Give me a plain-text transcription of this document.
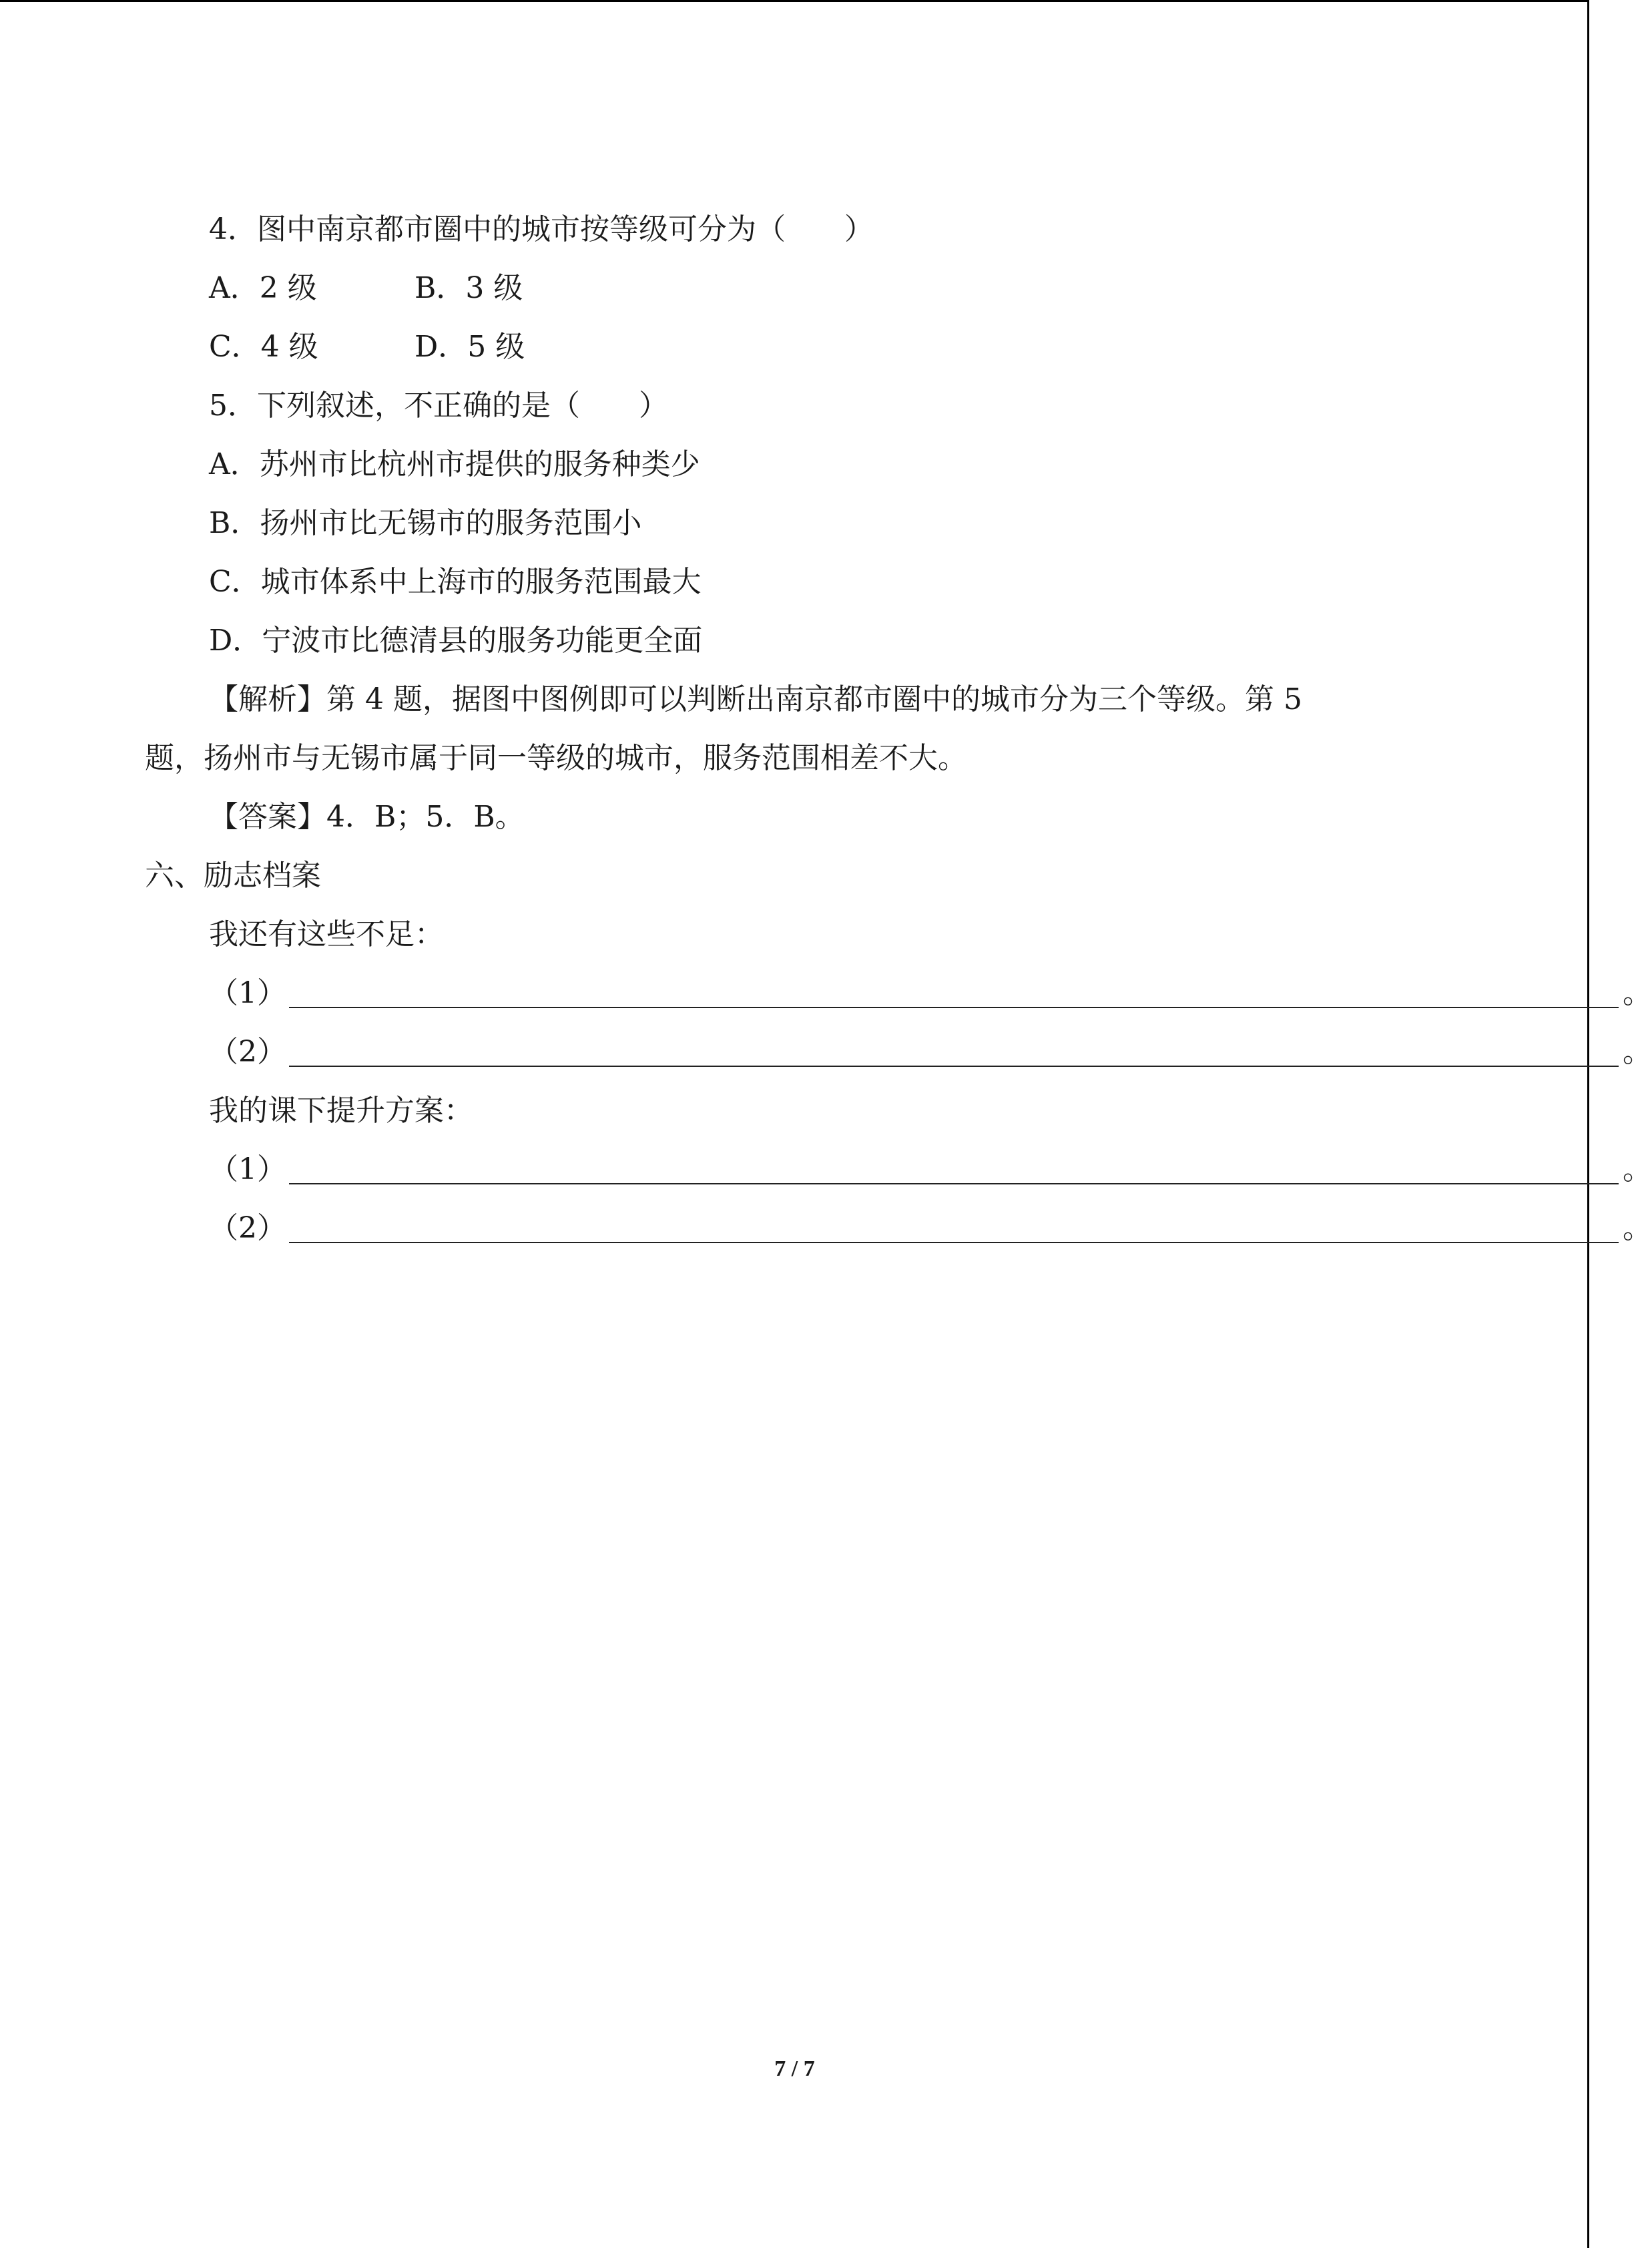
4．图中南京都市圈中的城市按等级可分为（　　）
A．2 级	B．3 级
C．4 级	D．5 级
5．下列叙述，不正确的是（　　）
A．苏州市比杭州市提供的服务种类少
B．扬州市比无锡市的服务范围小
C．城市体系中上海市的服务范围最大
D．宁波市比德清县的服务功能更全面
【解析】第 4 题，据图中图例即可以判断出南京都市圈中的城市分为三个等级。第 5
题，扬州市与无锡市属于同一等级的城市，服务范围相差不大。
【答案】4．B；5．B。
六、励志档案
我还有这些不足：
（1）	。
（2）	。
我的课下提升方案：
（1）	。
（2）	。
7 / 7
